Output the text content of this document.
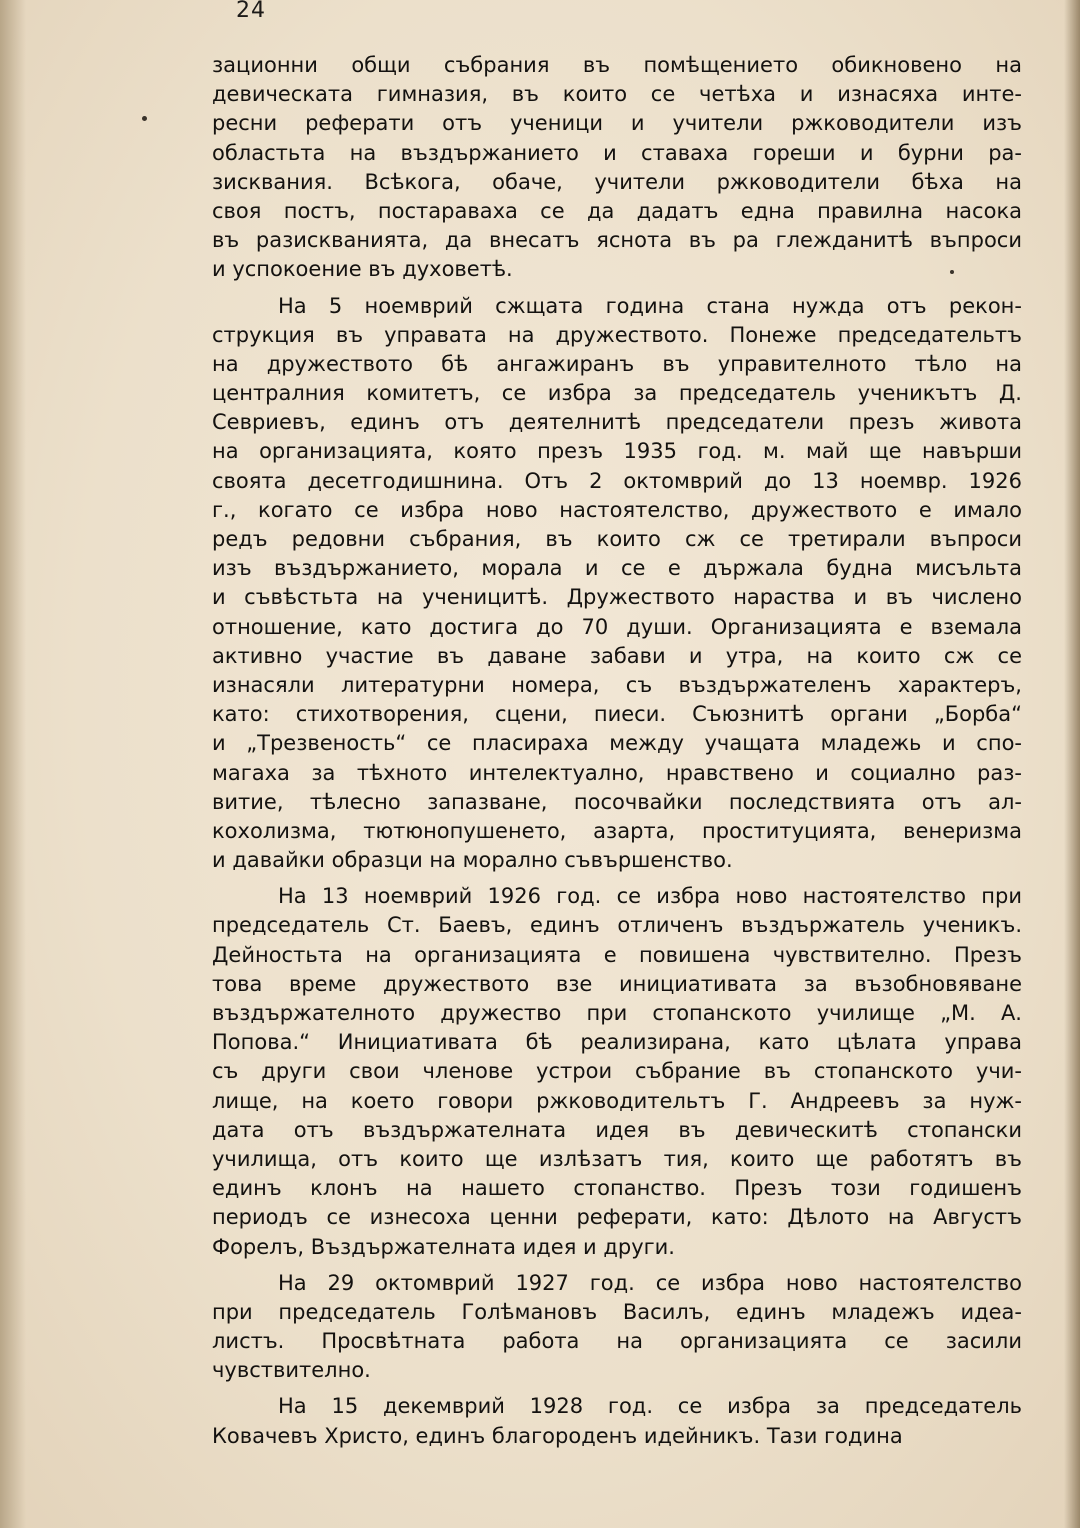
24
зационни общи събрания въ помѣщението обикновено на
девическата гимназия, въ които се четѣха и изнасяха инте-
ресни реферати отъ ученици и учители ржководители изъ
областьта на въздържанието и ставаха гореши и бурни ра-
зисквания. Всѣкога, обаче, учители ржководители бѣха на
своя постъ, постараваха се да дадатъ една правилна насока
въ разискванията, да внесатъ яснота въ ра глежданитѣ въпроси
и успокоение въ духоветѣ.
На 5 ноемврий сжщата година стана нужда отъ рекон-
струкция въ управата на дружеството. Понеже председательтъ
на дружеството бѣ ангажиранъ въ управителното тѣло на
централния комитетъ, се избра за председатель ученикътъ Д.
Севриевъ, единъ отъ деятелнитѣ председатели презъ живота
на организацията, която презъ 1935 год. м. май ще навърши
своята десетгодишнина. Отъ 2 октомврий до 13 ноемвр. 1926
г., когато се избра ново настоятелство, дружеството е имало
редъ редовни събрания, въ които сж се третирали въпроси
изъ въздържанието, морала и се е държала будна мисъльта
и съвѣстьта на ученицитѣ. Дружеството нараства и въ числено
отношение, като достига до 70 души. Организацията е вземала
активно участие въ даване забави и утра, на които сж се
изнасяли литературни номера, съ въздържателенъ характеръ,
като: стихотворения, сцени, пиеси. Съюзнитѣ органи „Борба“
и „Трезвеность“ се пласираха между учащата младежь и спо-
магаха за тѣхното интелектуално, нравствено и социално раз-
витие, тѣлесно запазване, посочвайки последствията отъ ал-
кохолизма, тютюнопушенето, азарта, проституцията, венеризма
и давайки образци на морално съвършенство.
На 13 ноемврий 1926 год. се избра ново настоятелство при
председатель Ст. Баевъ, единъ отличенъ въздържатель ученикъ.
Дейностьта на организацията е повишена чувствително. Презъ
това време дружеството взе инициативата за възобновяване
въздържателното дружество при стопанското училище „М. А.
Попова.“ Инициативата бѣ реализирана, като цѣлата управа
съ други свои членове устрои събрание въ стопанското учи-
лище, на което говори ржководительтъ Г. Андреевъ за нуж-
дата отъ въздържателната идея въ девическитѣ стопански
училища, отъ които ще излѣзатъ тия, които ще работятъ въ
единъ клонъ на нашето стопанство. Презъ този годишенъ
периодъ се изнесоха ценни реферати, като: Дѣлото на Августъ
Форелъ, Въздържателната идея и други.
На 29 октомврий 1927 год. се избра ново настоятелство
при председатель Голѣмановъ Василъ, единъ младежъ идеа-
листъ. Просвѣтната работа на организацията се засили
чувствително.
На 15 декемврий 1928 год. се избра за председатель
Ковачевъ Христо, единъ благороденъ идейникъ. Тази година
